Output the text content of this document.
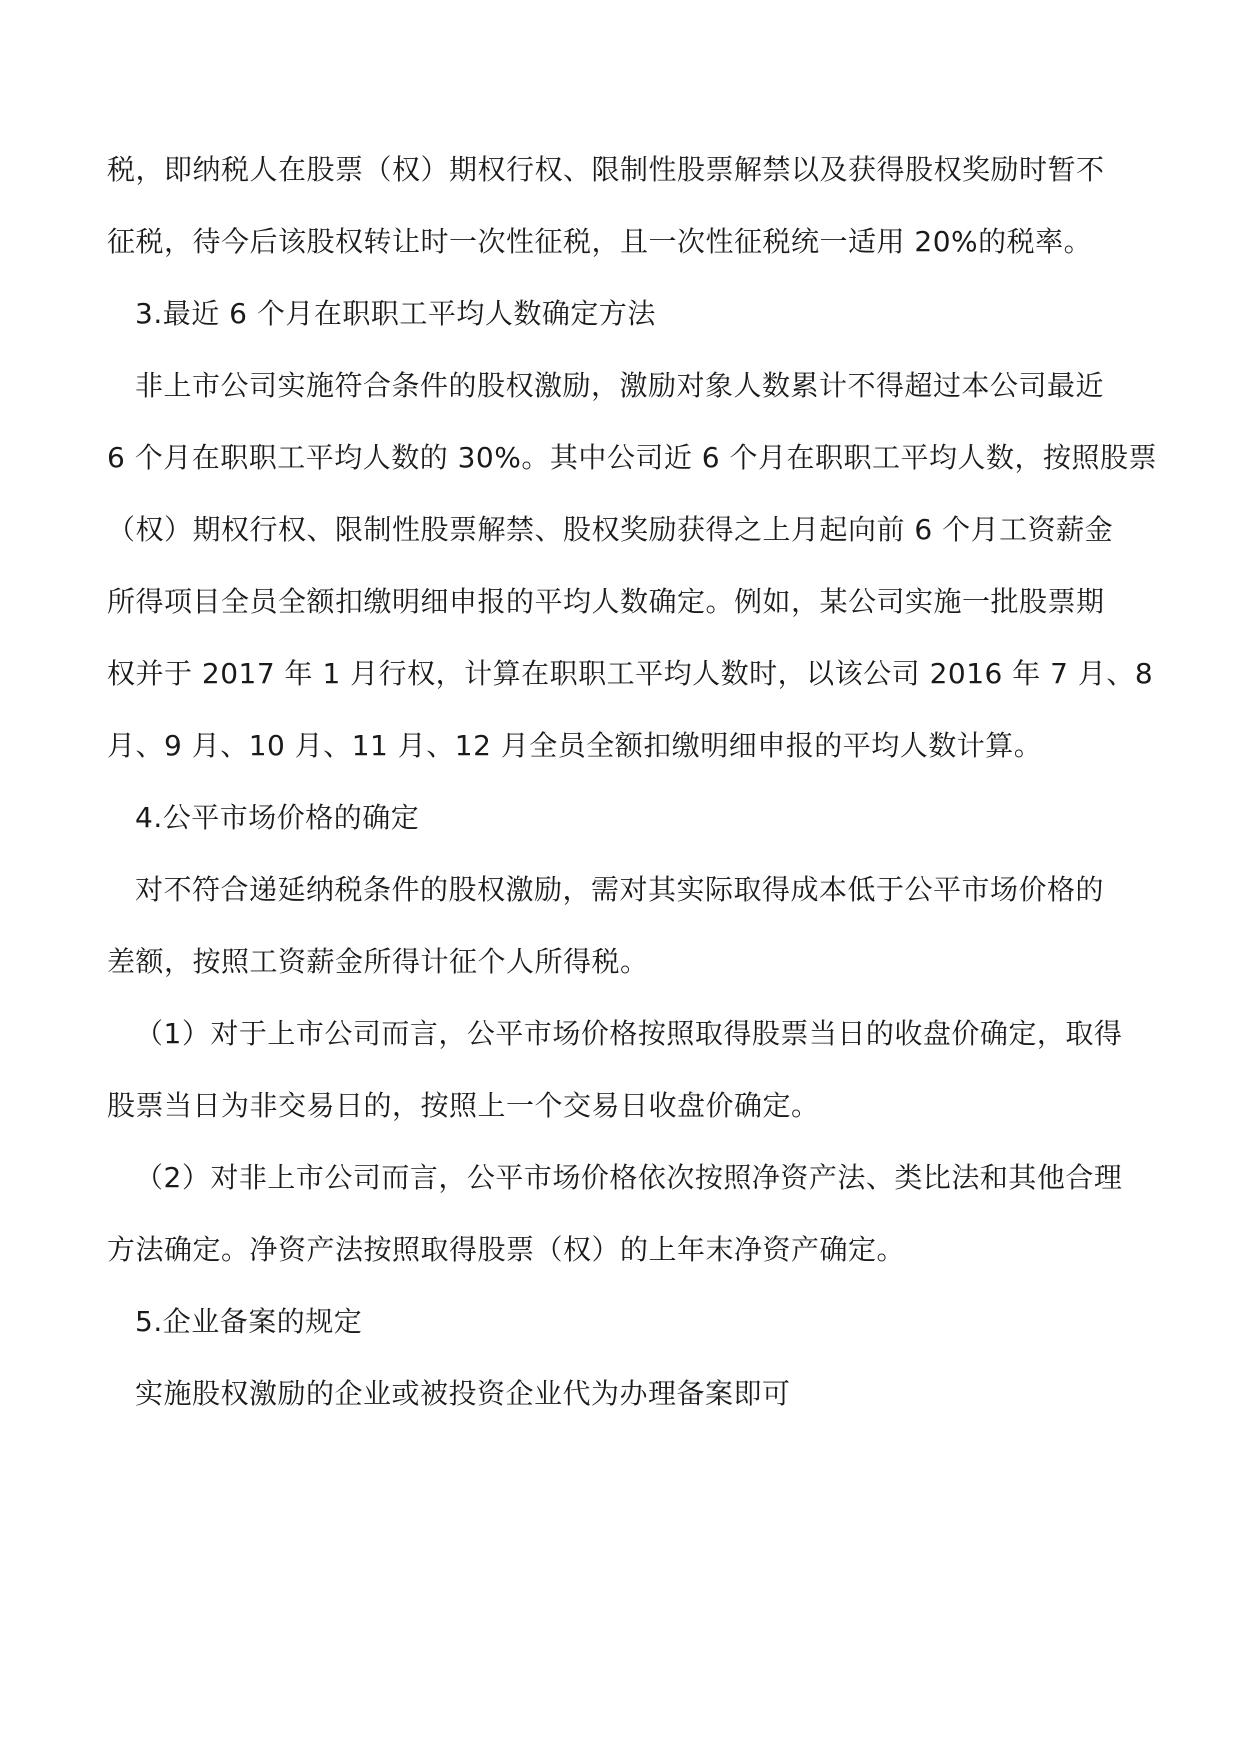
税，即纳税人在股票（权）期权行权、限制性股票解禁以及获得股权奖励时暂不
征税，待今后该股权转让时一次性征税，且一次性征税统一适用 20%的税率。
3.最近 6 个月在职职工平均人数确定方法
非上市公司实施符合条件的股权激励，激励对象人数累计不得超过本公司最近
6 个月在职职工平均人数的 30%。其中公司近 6 个月在职职工平均人数，按照股票
（权）期权行权、限制性股票解禁、股权奖励获得之上月起向前 6 个月工资薪金
所得项目全员全额扣缴明细申报的平均人数确定。例如，某公司实施一批股票期
权并于 2017 年 1 月行权，计算在职职工平均人数时，以该公司 2016 年 7 月、8
月、9 月、10 月、11 月、12 月全员全额扣缴明细申报的平均人数计算。
4.公平市场价格的确定
对不符合递延纳税条件的股权激励，需对其实际取得成本低于公平市场价格的
差额，按照工资薪金所得计征个人所得税。
（1）对于上市公司而言，公平市场价格按照取得股票当日的收盘价确定，取得
股票当日为非交易日的，按照上一个交易日收盘价确定。
（2）对非上市公司而言，公平市场价格依次按照净资产法、类比法和其他合理
方法确定。净资产法按照取得股票（权）的上年末净资产确定。
5.企业备案的规定
实施股权激励的企业或被投资企业代为办理备案即可
